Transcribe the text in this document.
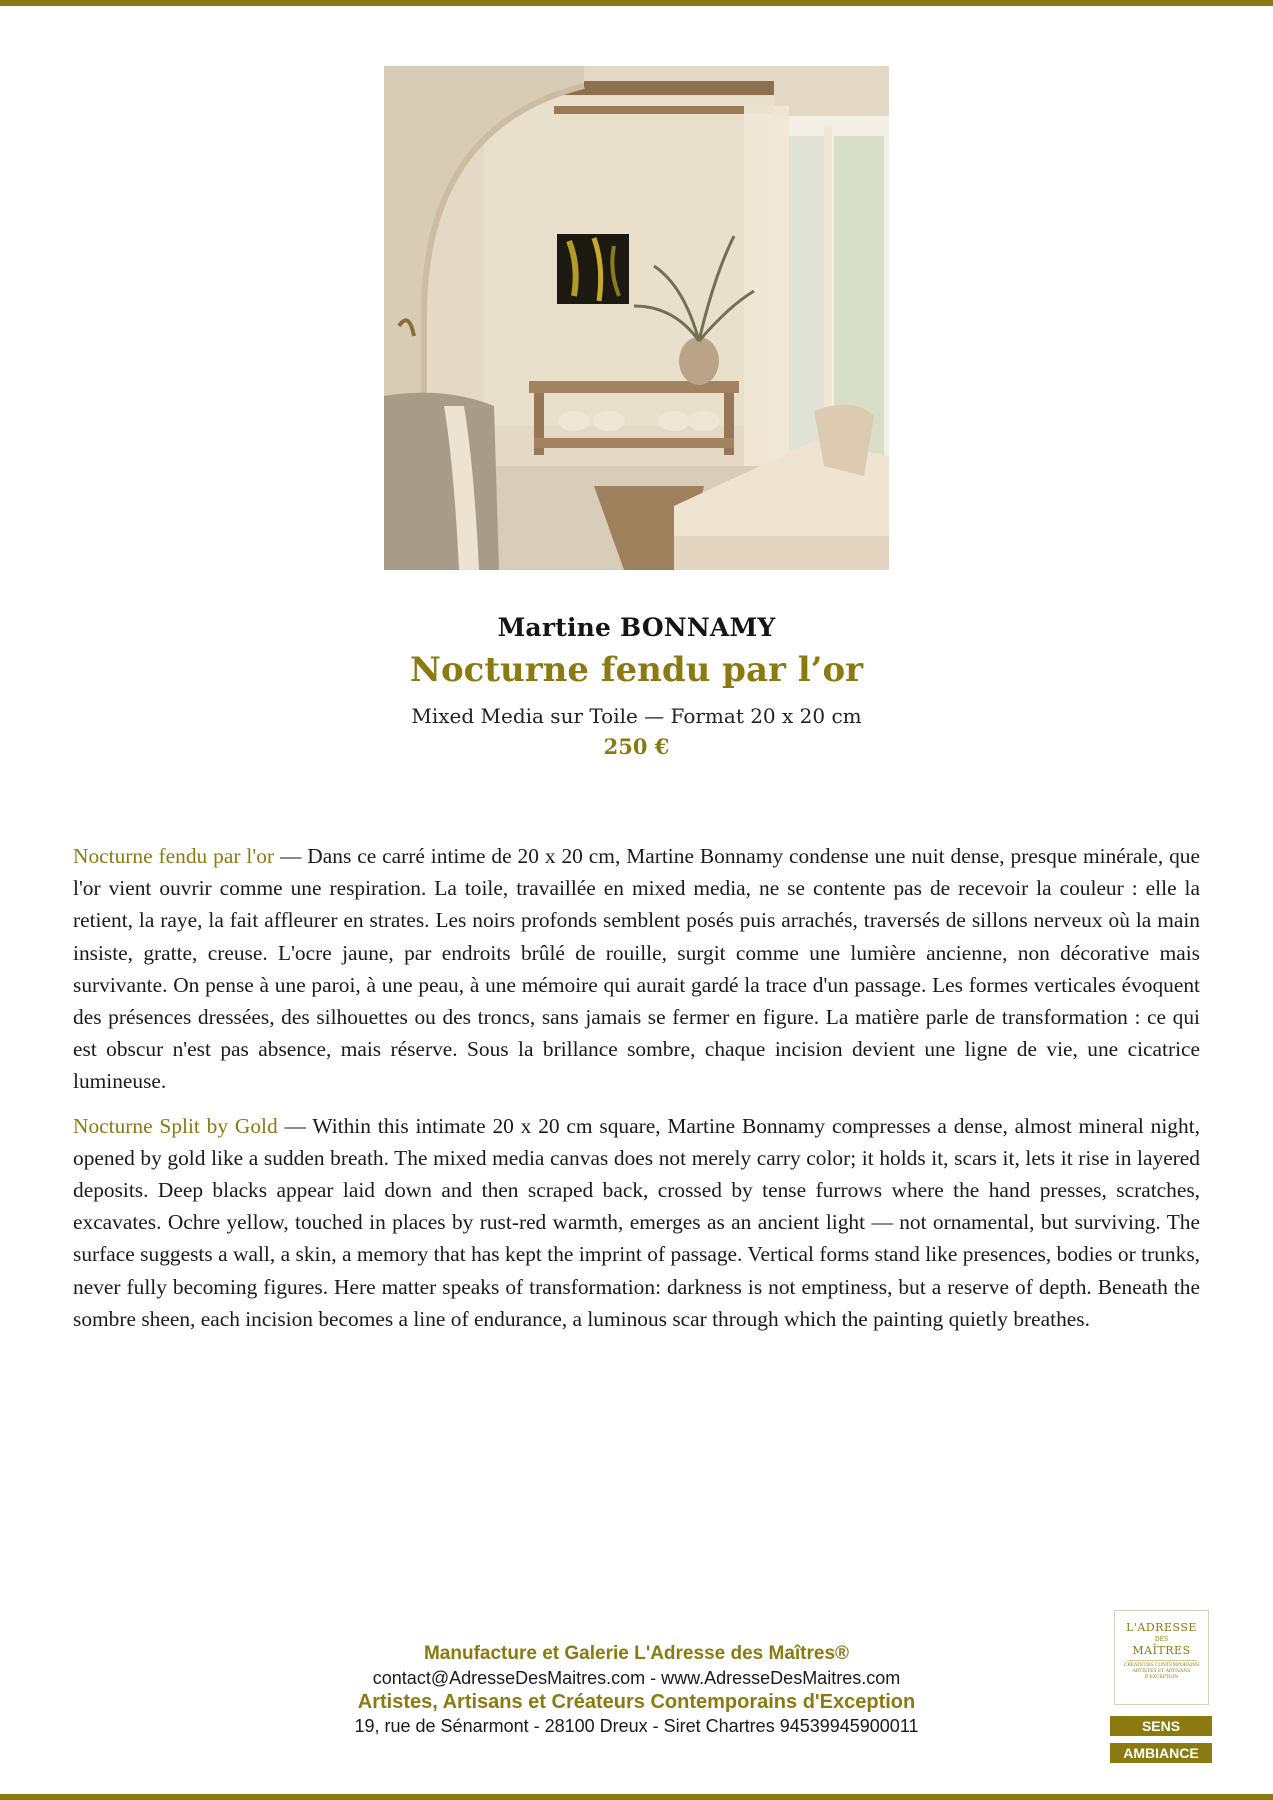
Martine BONNAMY
Nocturne fendu par l’or
Mixed Media sur Toile — Format 20 x 20 cm
250 €

Nocturne fendu par l'or — Dans ce carré intime de 20 x 20 cm, Martine Bonnamy condense une nuit dense, presque minérale, que l'or vient ouvrir comme une respiration. La toile, travaillée en mixed media, ne se contente pas de recevoir la couleur : elle la retient, la raye, la fait affleurer en strates. Les noirs profonds semblent posés puis arrachés, traversés de sillons nerveux où la main insiste, gratte, creuse. L'ocre jaune, par endroits brûlé de rouille, surgit comme une lumière ancienne, non décorative mais survivante. On pense à une paroi, à une peau, à une mémoire qui aurait gardé la trace d'un passage. Les formes verticales évoquent des présences dressées, des silhouettes ou des troncs, sans jamais se fermer en figure. La matière parle de transformation : ce qui est obscur n'est pas absence, mais réserve. Sous la brillance sombre, chaque incision devient une ligne de vie, une cicatrice lumineuse.

Nocturne Split by Gold — Within this intimate 20 x 20 cm square, Martine Bonnamy compresses a dense, almost mineral night, opened by gold like a sudden breath. The mixed media canvas does not merely carry color; it holds it, scars it, lets it rise in layered deposits. Deep blacks appear laid down and then scraped back, crossed by tense furrows where the hand presses, scratches, excavates. Ochre yellow, touched in places by rust-red warmth, emerges as an ancient light — not ornamental, but surviving. The surface suggests a wall, a skin, a memory that has kept the imprint of passage. Vertical forms stand like presences, bodies or trunks, never fully becoming figures. Here matter speaks of transformation: darkness is not emptiness, but a reserve of depth. Beneath the sombre sheen, each incision becomes a line of endurance, a luminous scar through which the painting quietly breathes.

Manufacture et Galerie L'Adresse des Maîtres®
contact@AdresseDesMaitres.com - www.AdresseDesMaitres.com
Artistes, Artisans et Créateurs Contemporains d'Exception
19, rue de Sénarmont - 28100 Dreux - Siret Chartres 94539945900011
L'ADRESSE
DES
MAÎTRES
CRÉATEURS CONTEMPORAINS ARTISTES ET ARTISANS D'EXCEPTION
SENS
AMBIANCE
